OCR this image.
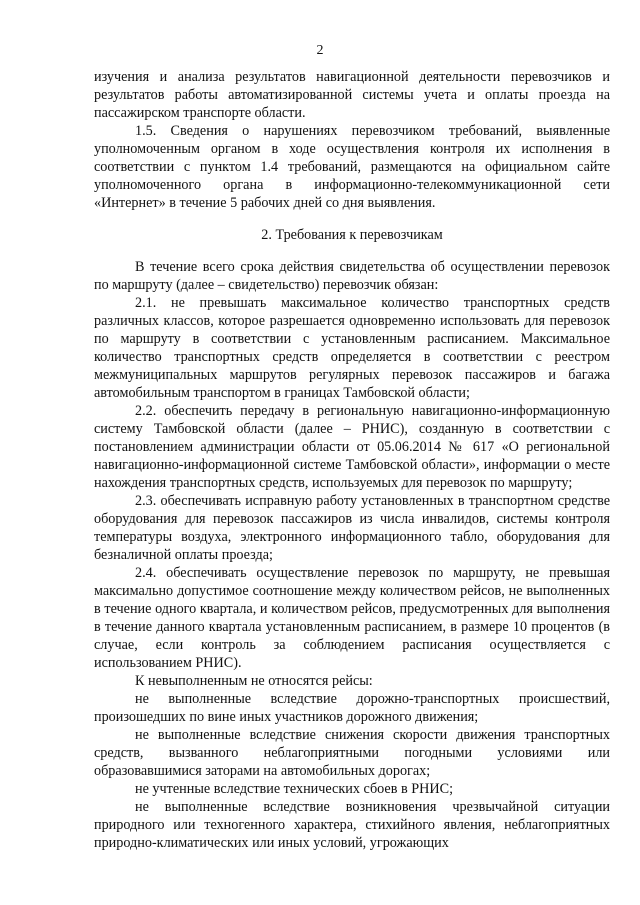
2

изучения и анализа результатов навигационной деятельности перевозчиков и результатов работы автоматизированной системы учета и оплаты проезда на пассажирском транспорте области.

1.5. Сведения о нарушениях перевозчиком требований, выявленные уполномоченным органом в ходе осуществления контроля их исполнения в соответствии с пунктом 1.4 требований, размещаются на официальном сайте уполномоченного органа в информационно-телекоммуникационной сети «Интернет» в течение 5 рабочих дней со дня выявления.

2. Требования к перевозчикам

В течение всего срока действия свидетельства об осуществлении перевозок по маршруту (далее – свидетельство) перевозчик обязан:

2.1. не превышать максимальное количество транспортных средств различных классов, которое разрешается одновременно использовать для перевозок по маршруту в соответствии с установленным расписанием. Максимальное количество транспортных средств определяется в соответствии с реестром межмуниципальных маршрутов регулярных перевозок пассажиров и багажа автомобильным транспортом в границах Тамбовской области;

2.2. обеспечить передачу в региональную навигационно-информационную систему Тамбовской области (далее – РНИС), созданную в соответствии с постановлением администрации области от 05.06.2014 № 617 «О региональной навигационно-информационной системе Тамбовской области», информации о месте нахождения транспортных средств, используемых для перевозок по маршруту;

2.3. обеспечивать исправную работу установленных в транспортном средстве оборудования для перевозок пассажиров из числа инвалидов, системы контроля температуры воздуха, электронного информационного табло, оборудования для безналичной оплаты проезда;

2.4. обеспечивать осуществление перевозок по маршруту, не превышая максимально допустимое соотношение между количеством рейсов, не выполненных в течение одного квартала, и количеством рейсов, предусмотренных для выполнения в течение данного квартала установленным расписанием, в размере 10 процентов (в случае, если контроль за соблюдением расписания осуществляется с использованием РНИС).

К невыполненным не относятся рейсы:

не выполненные вследствие дорожно-транспортных происшествий, произошедших по вине иных участников дорожного движения;

не выполненные вследствие снижения скорости движения транспортных средств, вызванного неблагоприятными погодными условиями или образовавшимися заторами на автомобильных дорогах;

не учтенные вследствие технических сбоев в РНИС;

не выполненные вследствие возникновения чрезвычайной ситуации природного или техногенного характера, стихийного явления, неблагоприятных природно-климатических или иных условий, угрожающих
